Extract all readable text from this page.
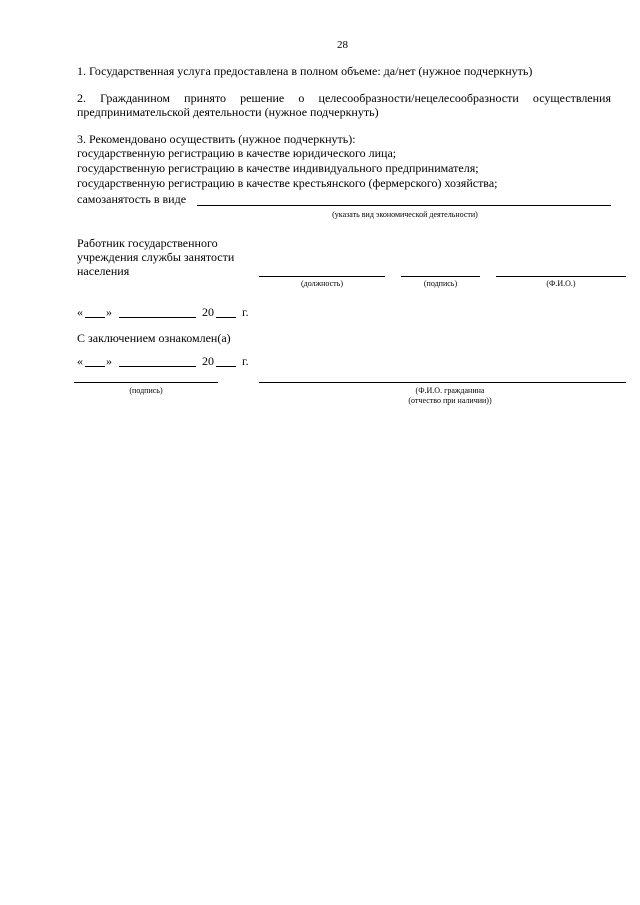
28
1. Государственная услуга предоставлена в полном объеме: да/нет (нужное подчеркнуть)
2. Гражданином принято решение о целесообразности/нецелесообразности осуществления
предпринимательской деятельности (нужное подчеркнуть)
3. Рекомендовано осуществить (нужное подчеркнуть):
государственную регистрацию в качестве юридического лица;
государственную регистрацию в качестве индивидуального предпринимателя;
государственную регистрацию в качестве крестьянского (фермерского) хозяйства;
самозанятость в виде
(указать вид экономической деятельности)
Работник государственного
учреждения службы занятости
населения
(должность)	(подпись)	(Ф.И.О.)
« »	20 г.
С заключением ознакомлен(а)
« »	20 г.
(подпись)	(Ф.И.О. гражданина
(отчество при наличии))
